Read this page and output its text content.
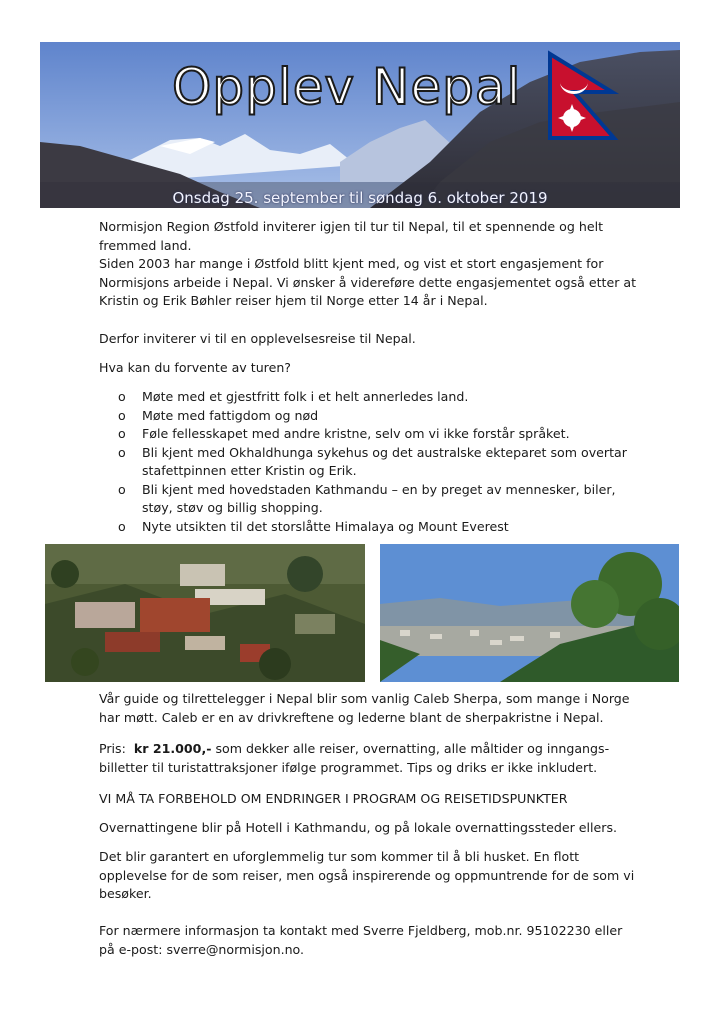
Opplev Nepal
Onsdag 25. september til søndag 6. oktober 2019

Normisjon Region Østfold inviterer igjen til tur til Nepal, til et spennende og helt fremmed land.

Siden 2003 har mange i Østfold blitt kjent med, og vist et stort engasjement for Normisjons arbeide i Nepal. Vi ønsker å videreføre dette engasjementet også etter at Kristin og Erik Bøhler reiser hjem til Norge etter 14 år i Nepal.

Derfor inviterer vi til en opplevelsesreise til Nepal.
Hva kan du forvente av turen?
o Møte med et gjestfritt folk i et helt annerledes land.
o Møte med fattigdom og nød
o Føle fellesskapet med andre kristne, selv om vi ikke forstår språket.
o Bli kjent med Okhaldhunga sykehus og det australske ekteparet som overtar stafettpinnen etter Kristin og Erik.
o Bli kjent med hovedstaden Kathmandu – en by preget av mennesker, biler, støy, støv og billig shopping.
o Nyte utsikten til det storslåtte Himalaya og Mount Everest
Vår guide og tilrettelegger i Nepal blir som vanlig Caleb Sherpa, som mange i Norge har møtt. Caleb er en av drivkreftene og lederne blant de sherpakristne i Nepal.
Pris: kr 21.000,- som dekker alle reiser, overnatting, alle måltider og inngangs-billetter til turistattraksjoner ifølge programmet. Tips og driks er ikke inkludert.
VI MÅ TA FORBEHOLD OM ENDRINGER I PROGRAM OG REISETIDSPUNKTER
Overnattingene blir på Hotell i Kathmandu, og på lokale overnattingssteder ellers.
Det blir garantert en uforglemmelig tur som kommer til å bli husket. En flott opplevelse for de som reiser, men også inspirerende og oppmuntrende for de som vi besøker.
For nærmere informasjon ta kontakt med Sverre Fjeldberg, mob.nr. 95102230 eller på e-post: sverre@normisjon.no.
